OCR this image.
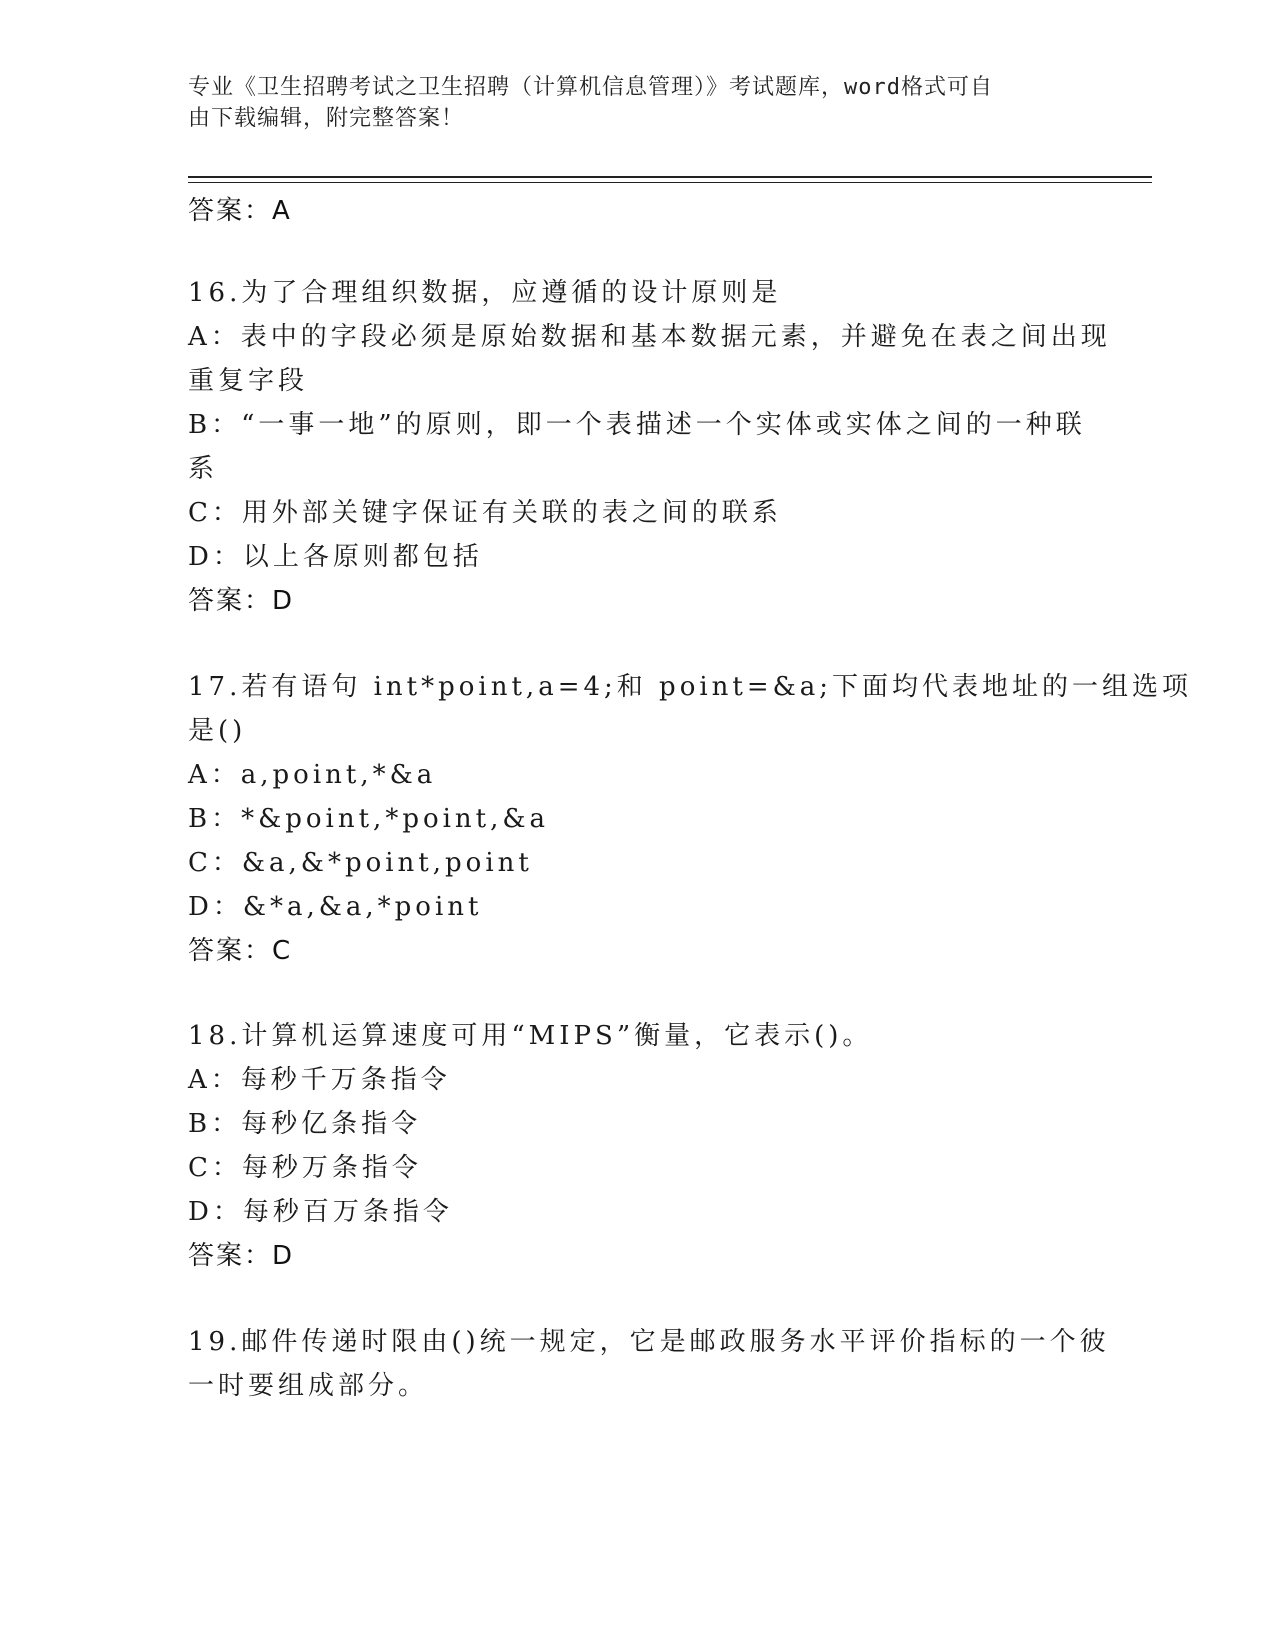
专业《卫生招聘考试之卫生招聘（计算机信息管理）》考试题库，word格式可自
由下载编辑，附完整答案！
答案：A
16.为了合理组织数据，应遵循的设计原则是
A：表中的字段必须是原始数据和基本数据元素，并避免在表之间出现
重复字段
B：“一事一地”的原则，即一个表描述一个实体或实体之间的一种联
系
C：用外部关键字保证有关联的表之间的联系
D：以上各原则都包括
答案：D
17.若有语句 int*point,a=4;和 point=&a;下面均代表地址的一组选项
是()
A：a,point,*&a
B：*&point,*point,&a
C：&a,&*point,point
D：&*a,&a,*point
答案：C
18.计算机运算速度可用“MIPS”衡量，它表示()。
A：每秒千万条指令
B：每秒亿条指令
C：每秒万条指令
D：每秒百万条指令
答案：D
19.邮件传递时限由()统一规定，它是邮政服务水平评价指标的一个彼
一时要组成部分。
